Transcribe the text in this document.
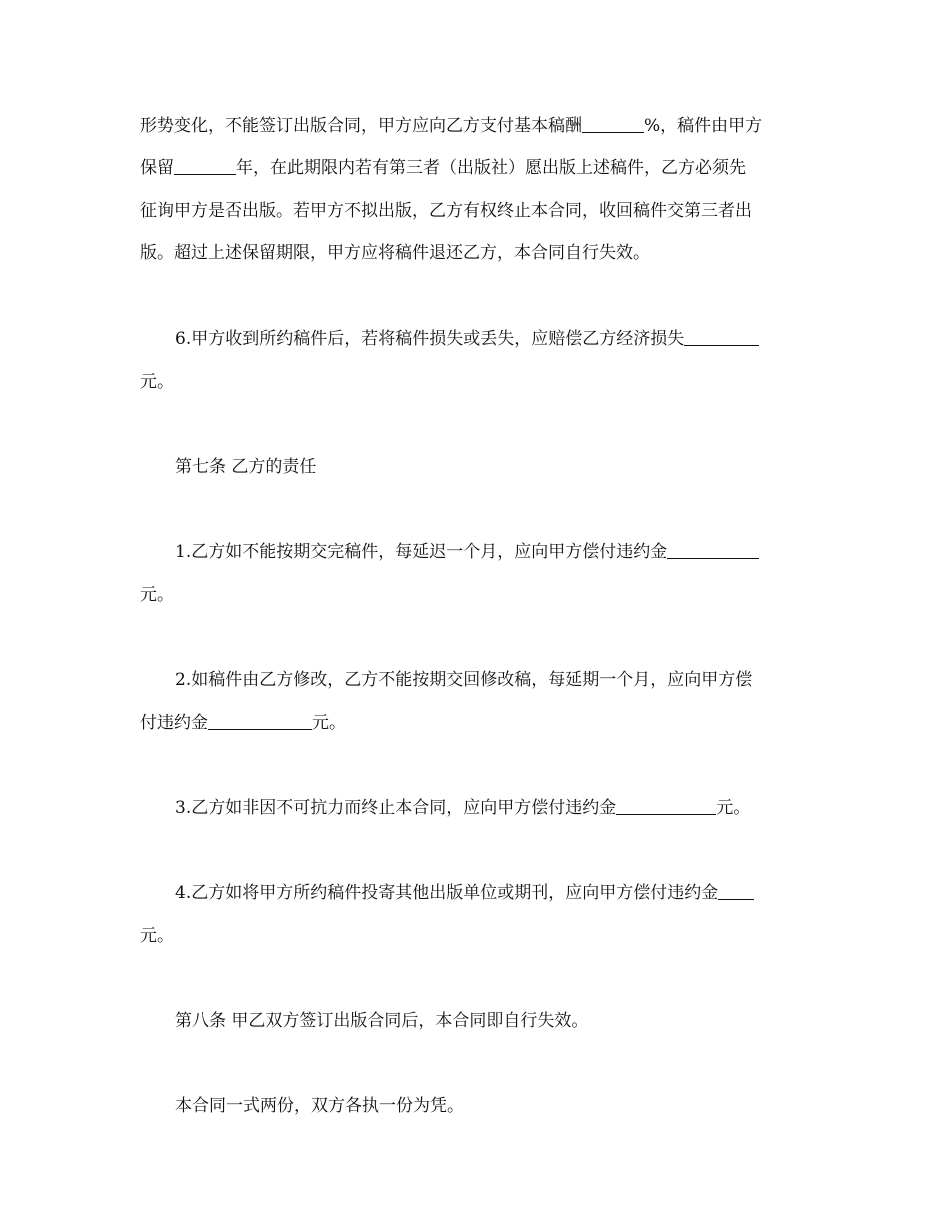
形势变化，不能签订出版合同，甲方应向乙方支付基本稿酬	%，稿件由甲方
保留	年，在此期限内若有第三者（出版社）愿出版上述稿件，乙方必须先
征询甲方是否出版。若甲方不拟出版，乙方有权终止本合同，收回稿件交第三者出
版。超过上述保留期限，甲方应将稿件退还乙方，本合同自行失效。
6.甲方收到所约稿件后，若将稿件损失或丢失，应赔偿乙方经济损失
元。
第七条 乙方的责任
1.乙方如不能按期交完稿件，每延迟一个月，应向甲方偿付违约金
元。
2.如稿件由乙方修改，乙方不能按期交回修改稿，每延期一个月，应向甲方偿
付违约金	元。
3.乙方如非因不可抗力而终止本合同，应向甲方偿付违约金	元。
4.乙方如将甲方所约稿件投寄其他出版单位或期刊，应向甲方偿付违约金
元。
第八条 甲乙双方签订出版合同后，本合同即自行失效。
本合同一式两份，双方各执一份为凭。
